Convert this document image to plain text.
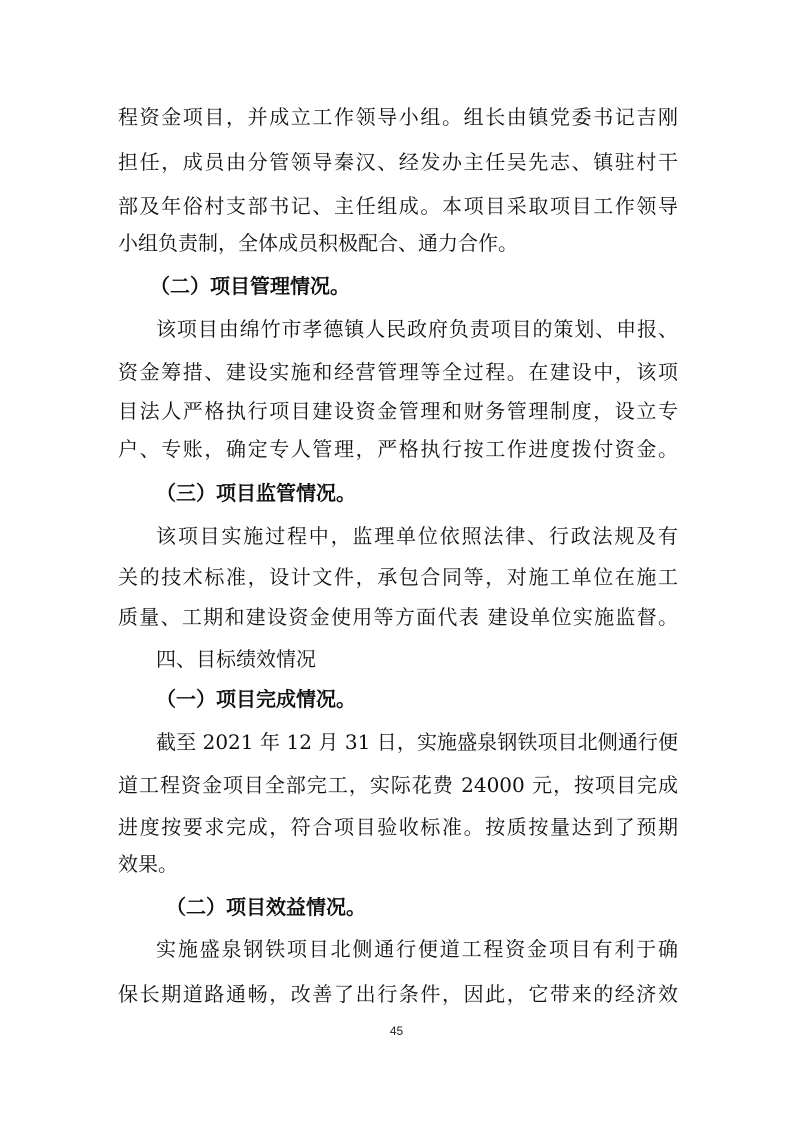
程资金项目，并成立工作领导小组。组长由镇党委书记吉刚
担任，成员由分管领导秦汉、经发办主任吴先志、镇驻村干
部及年俗村支部书记、主任组成。本项目采取项目工作领导
小组负责制，全体成员积极配合、通力合作。
（二）项目管理情况。
该项目由绵竹市孝德镇人民政府负责项目的策划、申报、
资金筹措、建设实施和经营管理等全过程。在建设中，该项
目法人严格执行项目建设资金管理和财务管理制度，设立专
户、专账，确定专人管理，严格执行按工作进度拨付资金。
（三）项目监管情况。
该项目实施过程中，监理单位依照法律、行政法规及有
关的技术标准，设计文件，承包合同等，对施工单位在施工
质量、工期和建设资金使用等方面代表 建设单位实施监督。
四、目标绩效情况
（一）项目完成情况。
截至 2021 年 12 月 31 日，实施盛泉钢铁项目北侧通行便
道工程资金项目全部完工，实际花费 24000 元，按项目完成
进度按要求完成，符合项目验收标准。按质按量达到了预期
效果。
（二）项目效益情况。
实施盛泉钢铁项目北侧通行便道工程资金项目有利于确
保长期道路通畅，改善了出行条件，因此，它带来的经济效
45
